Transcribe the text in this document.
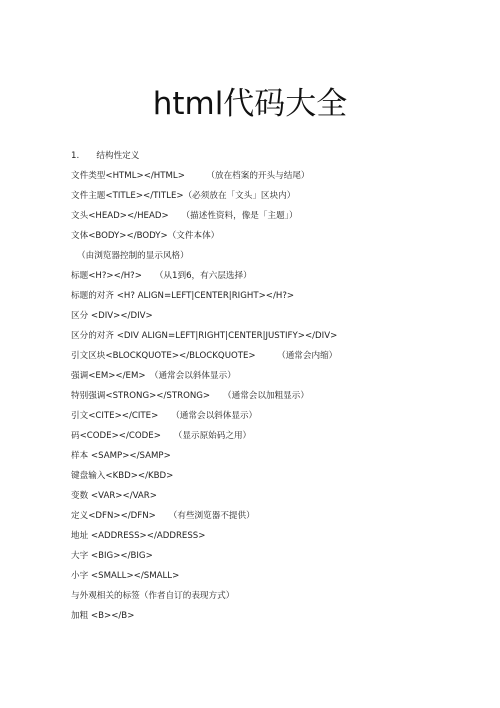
html代码大全
1.　　结构性定义
文件类型<HTML></HTML>　　　（放在档案的开头与结尾）
文件主题<TITLE></TITLE>（必须放在「文头」区块内）
文头<HEAD></HEAD>　　（描述性资料，像是「主题」）
文体<BODY></BODY>（文件本体）
（由浏览器控制的显示风格）
标题<H?></H?>　　（从1到6，有六层选择）
标题的对齐 <H? ALIGN=LEFT|CENTER|RIGHT></H?>
区分 <DIV></DIV>
区分的对齐 <DIV ALIGN=LEFT|RIGHT|CENTER|JUSTIFY></DIV>
引文区块<BLOCKQUOTE></BLOCKQUOTE>　　　（通常会内缩）
强调<EM></EM>　（通常会以斜体显示）
特别强调<STRONG></STRONG>　　（通常会以加粗显示）
引文<CITE></CITE>　　（通常会以斜体显示）
码<CODE></CODE>　　（显示原始码之用）
样本 <SAMP></SAMP>
键盘输入<KBD></KBD>
变数 <VAR></VAR>
定义<DFN></DFN>　　（有些浏览器不提供）
地址 <ADDRESS></ADDRESS>
大字 <BIG></BIG>
小字 <SMALL></SMALL>
与外观相关的标签（作者自订的表现方式）
加粗 <B></B>
